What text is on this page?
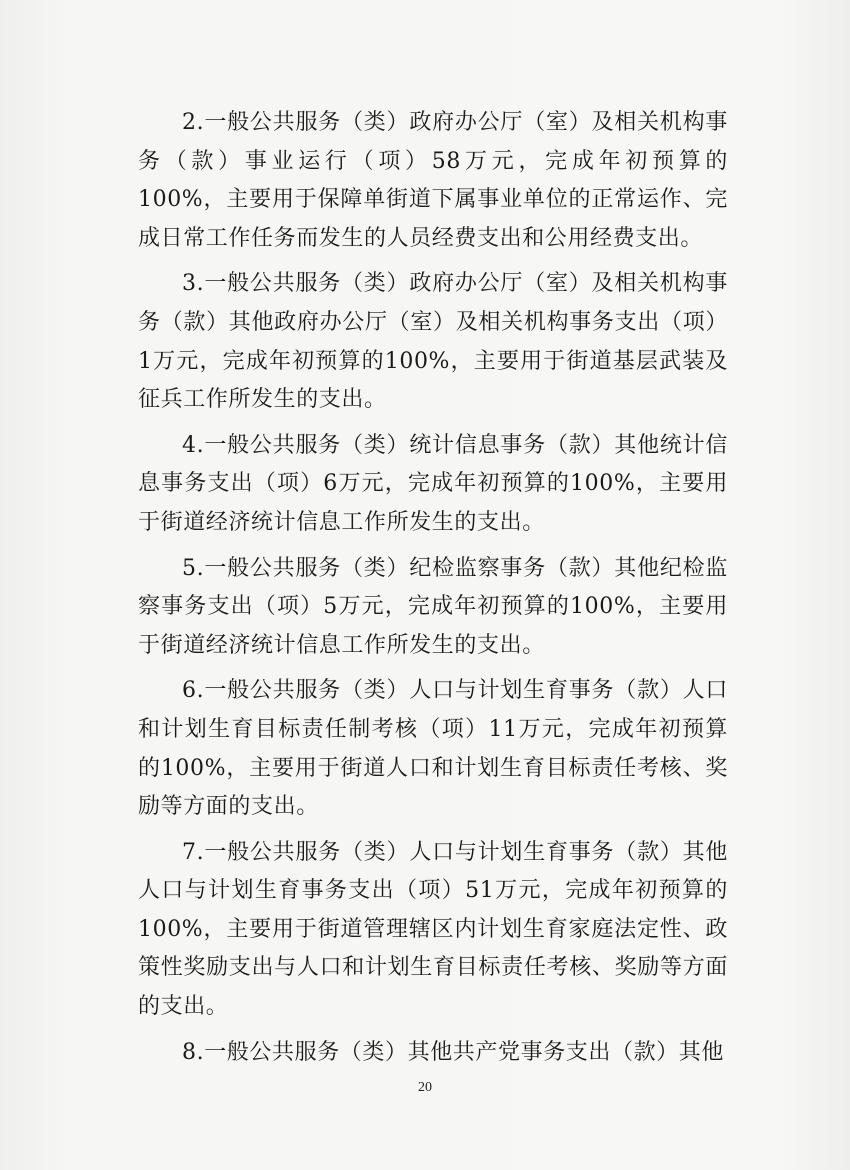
2.一般公共服务（类）政府办公厅（室）及相关机构事务（款）事业运行（项）58万元，完成年初预算的100%，主要用于保障单街道下属事业单位的正常运作、完成日常工作任务而发生的人员经费支出和公用经费支出。

3.一般公共服务（类）政府办公厅（室）及相关机构事务（款）其他政府办公厅（室）及相关机构事务支出（项）1万元，完成年初预算的100%，主要用于街道基层武装及征兵工作所发生的支出。

4.一般公共服务（类）统计信息事务（款）其他统计信息事务支出（项）6万元，完成年初预算的100%，主要用于街道经济统计信息工作所发生的支出。

5.一般公共服务（类）纪检监察事务（款）其他纪检监察事务支出（项）5万元，完成年初预算的100%，主要用于街道经济统计信息工作所发生的支出。

6.一般公共服务（类）人口与计划生育事务（款）人口和计划生育目标责任制考核（项）11万元，完成年初预算的100%，主要用于街道人口和计划生育目标责任考核、奖励等方面的支出。

7.一般公共服务（类）人口与计划生育事务（款）其他人口与计划生育事务支出（项）51万元，完成年初预算的100%，主要用于街道管理辖区内计划生育家庭法定性、政策性奖励支出与人口和计划生育目标责任考核、奖励等方面的支出。

8.一般公共服务（类）其他共产党事务支出（款）其他

20
